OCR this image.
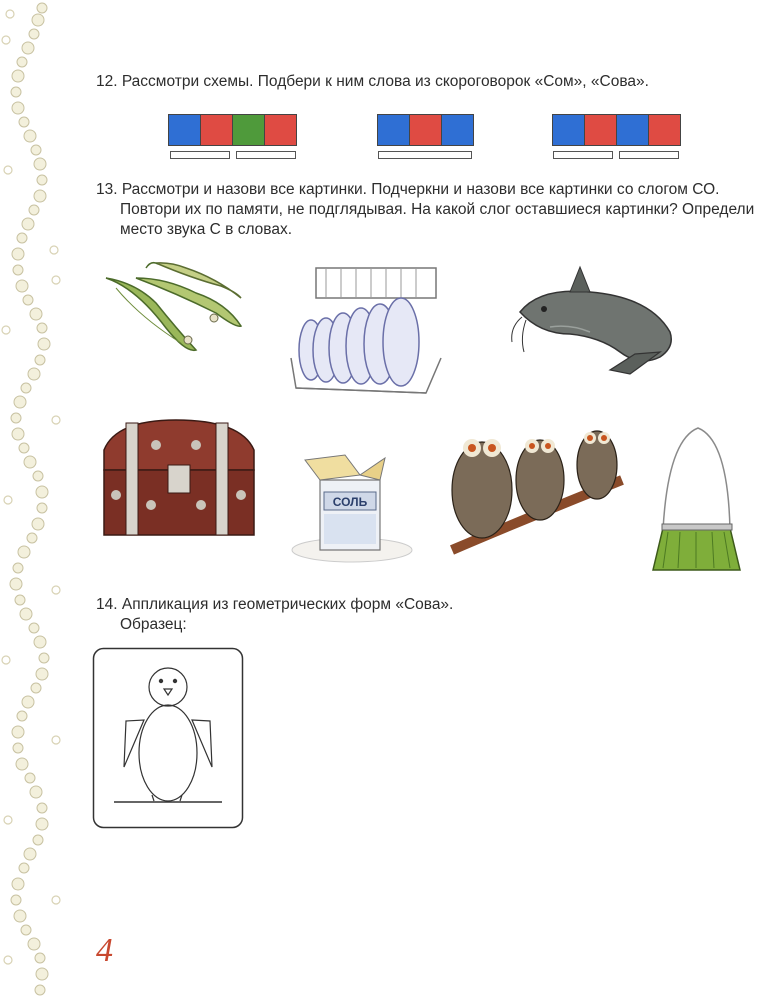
12. Рассмотри схемы. Подбери к ним слова из скороговорок «Сом», «Сова».
13. Рассмотри и назови все картинки. Подчеркни и назови все картинки со слогом СО.
Повтори их по памяти, не подглядывая. На какой слог оставшиеся картинки? Определи
место звука С в словах.
СОЛЬ
14. Аппликация из геометрических форм «Сова».
Образец:
4
